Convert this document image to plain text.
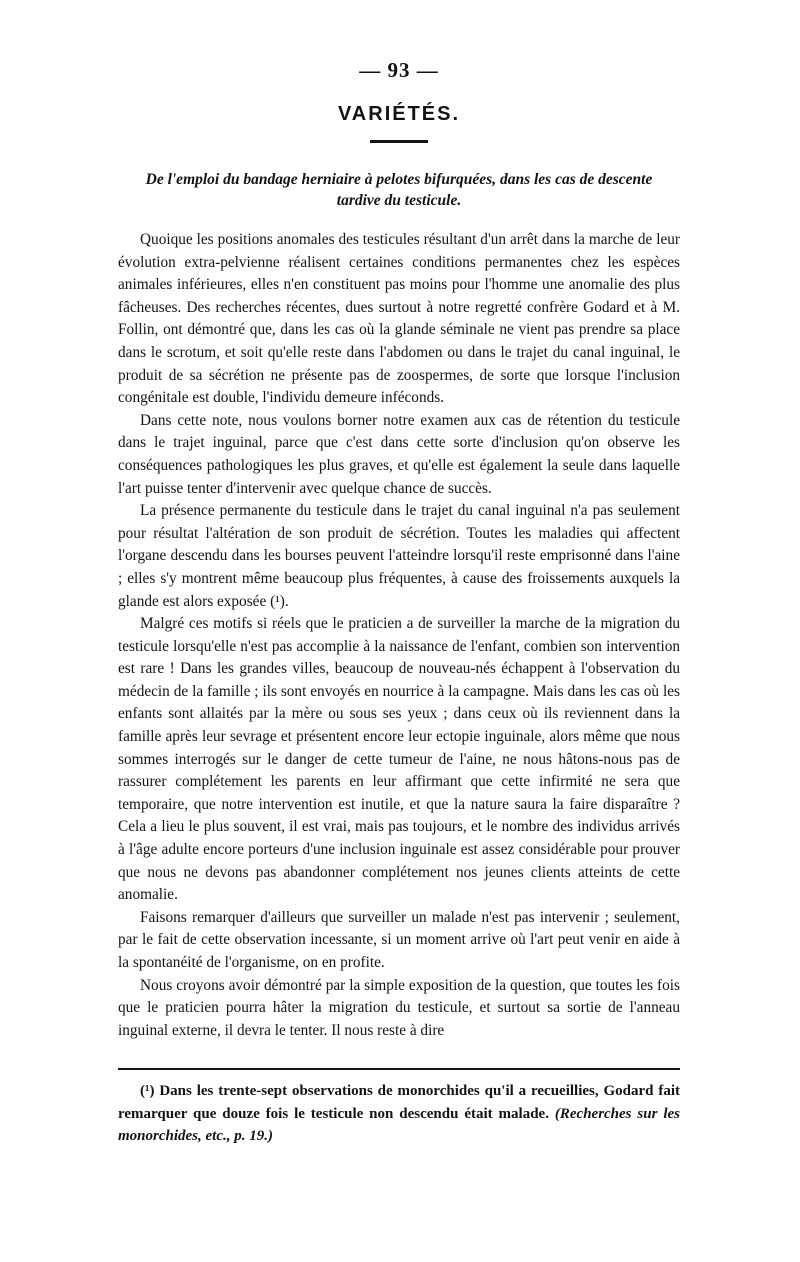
— 93 —
VARIÉTÉS.
De l'emploi du bandage herniaire à pelotes bifurquées, dans les cas de descente
tardive du testicule.

Quoique les positions anomales des testicules résultant d'un arrêt dans la marche de leur évolution extra-pelvienne réalisent certaines conditions permanentes chez les espèces animales inférieures, elles n'en constituent pas moins pour l'homme une anomalie des plus fâcheuses. Des recherches récentes, dues surtout à notre regretté confrère Godard et à M. Follin, ont démontré que, dans les cas où la glande séminale ne vient pas prendre sa place dans le scrotum, et soit qu'elle reste dans l'abdomen ou dans le trajet du canal inguinal, le produit de sa sécrétion ne présente pas de zoospermes, de sorte que lorsque l'inclusion congénitale est double, l'individu demeure inféconds.

Dans cette note, nous voulons borner notre examen aux cas de rétention du testicule dans le trajet inguinal, parce que c'est dans cette sorte d'inclusion qu'on observe les conséquences pathologiques les plus graves, et qu'elle est également la seule dans laquelle l'art puisse tenter d'intervenir avec quelque chance de succès.

La présence permanente du testicule dans le trajet du canal inguinal n'a pas seulement pour résultat l'altération de son produit de sécrétion. Toutes les maladies qui affectent l'organe descendu dans les bourses peuvent l'atteindre lorsqu'il reste emprisonné dans l'aine ; elles s'y montrent même beaucoup plus fréquentes, à cause des froissements auxquels la glande est alors exposée (¹).

Malgré ces motifs si réels que le praticien a de surveiller la marche de la migration du testicule lorsqu'elle n'est pas accomplie à la naissance de l'enfant, combien son intervention est rare ! Dans les grandes villes, beaucoup de nouveau-nés échappent à l'observation du médecin de la famille ; ils sont envoyés en nourrice à la campagne. Mais dans les cas où les enfants sont allaités par la mère ou sous ses yeux ; dans ceux où ils reviennent dans la famille après leur sevrage et présentent encore leur ectopie inguinale, alors même que nous sommes interrogés sur le danger de cette tumeur de l'aine, ne nous hâtons-nous pas de rassurer complétement les parents en leur affirmant que cette infirmité ne sera que temporaire, que notre intervention est inutile, et que la nature saura la faire disparaître ? Cela a lieu le plus souvent, il est vrai, mais pas toujours, et le nombre des individus arrivés à l'âge adulte encore porteurs d'une inclusion inguinale est assez considérable pour prouver que nous ne devons pas abandonner complétement nos jeunes clients atteints de cette anomalie.

Faisons remarquer d'ailleurs que surveiller un malade n'est pas intervenir ; seulement, par le fait de cette observation incessante, si un moment arrive où l'art peut venir en aide à la spontanéité de l'organisme, on en profite.

Nous croyons avoir démontré par la simple exposition de la question, que toutes les fois que le praticien pourra hâter la migration du testicule, et surtout sa sortie de l'anneau inguinal externe, il devra le tenter. Il nous reste à dire

(¹) Dans les trente-sept observations de monorchides qu'il a recueillies, Godard fait remarquer que douze fois le testicule non descendu était malade. (Recherches sur les monorchides, etc., p. 19.)
